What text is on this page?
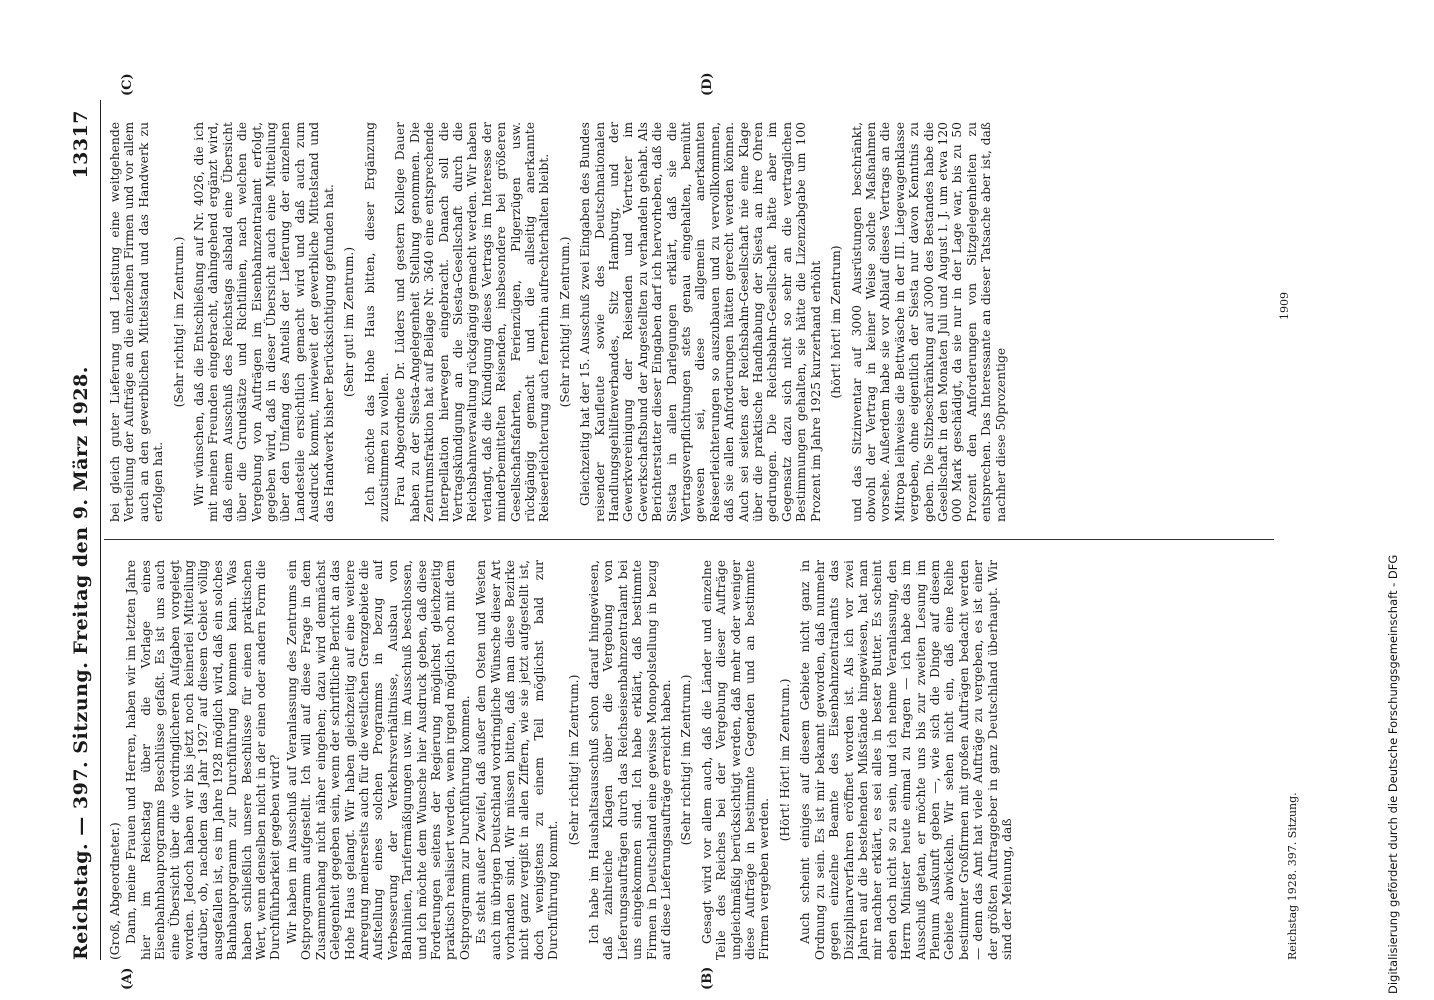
Reichstag. — 397. Sitzung. Freitag den 9. März 1928.
13317

(Groß, Abgeordneter.) Dann, meine Frauen und Herren, haben wir im letzten Jahre hier im Reichstag über die Vorlage eines Eisenbahnbauprogramms Beschlüsse gefaßt. Es ist uns auch eine Übersicht über die vordringlicheren Aufgaben vorgelegt worden. Jedoch haben wir bis jetzt noch keinerlei Mitteilung darüber, ob, nachdem das Jahr 1927 auf diesem Gebiet völlig ausgefallen ist, es im Jahre 1928 möglich wird, daß ein solches Bahnbauprogramm zur Durchführung kommen kann. Was haben schließlich unsere Beschlüsse für einen praktischen Wert, wenn denselben nicht in der einen oder andern Form die Durchführbarkeit gegeben wird? Wir haben im Ausschuß auf Veranlassung des Zentrums ein Ostprogramm aufgestellt. Ich will auf diese Frage in dem Zusammenhang nicht näher eingehen; dazu wird demnächst Gelegenheit gegeben sein, wenn der schriftliche Bericht an das Hohe Haus gelangt. Wir haben gleichzeitig auf eine weitere Anregung meinerseits auch für die westlichen Grenzgebiete die Aufstellung eines solchen Programms in bezug auf Verbesserung der Verkehrsverhältnisse, Ausbau von Bahnlinien, Tarifermäßigungen usw. im Ausschuß beschlossen, und ich möchte dem Wunsche hier Ausdruck geben, daß diese Forderungen seitens der Regierung möglichst gleichzeitig praktisch realisiert werden, wenn irgend möglich noch mit dem Ostprogramm zur Durchführung kommen. Es steht außer Zweifel, daß außer dem Osten und Westen auch im übrigen Deutschland vordringliche Wünsche dieser Art vorhanden sind. Wir müssen bitten, daß man diese Bezirke nicht ganz vergißt in allen Ziffern, wie sie jetzt aufgestellt ist, doch wenigstens zu einem Teil möglichst bald zur Durchführung kommt.

(Sehr richtig! im Zentrum.) Ich habe im Haushaltsausschuß schon darauf hingewiesen, daß zahlreiche Klagen über die Vergebung von Lieferungsaufträgen durch das Reichseisenbahnzentralamt bei uns eingekommen sind. Ich habe erklärt, daß bestimmte Firmen in Deutschland eine gewisse Monopolstellung in bezug auf diese Lieferungsaufträge erreicht haben. (Sehr richtig! im Zentrum.) Gesagt wird vor allem auch, daß die Länder und einzelne Teile des Reiches bei der Vergebung dieser Aufträge ungleichmäßig berücksichtigt werden, daß mehr oder weniger diese Aufträge in bestimmte Gegenden und an bestimmte Firmen vergeben werden.

(Hört! Hört! im Zentrum.) Auch scheint einiges auf diesem Gebiete nicht ganz in Ordnung zu sein. Es ist mir bekannt geworden, daß nunmehr gegen einzelne Beamte des Eisenbahnzentralamts das Disziplinarverfahren eröffnet worden ist. Als ich vor zwei Jahren auf die bestehenden Mißstände hingewiesen, hat man mir nachher erklärt, es sei alles in bester Butter. Es scheint eben doch nicht so zu sein, und ich nehme Veranlassung, den Herrn Minister heute einmal zu fragen — ich habe das im Ausschuß getan, er möchte uns bis zur zweiten Lesung im Plenum Auskunft geben —, wie sich die Dinge auf diesem Gebiete abwickeln. Wir sehen nicht ein, daß eine Reihe bestimmter Großfirmen mit großen Aufträgen bedacht werden — denn das Amt hat viele Aufträge zu vergeben, es ist einer der größten Auftraggeber in ganz Deutschland überhaupt. Wir sind der Meinung, daß

bei gleich guter Lieferung und Leistung eine weitgehende Verteilung der Aufträge an die einzelnen Firmen und vor allem auch an den gewerblichen Mittelstand und das Handwerk zu erfolgen hat.

(Sehr richtig! im Zentrum.) Wir wünschen, daß die Entschließung auf Nr. 4026, die ich mit meinen Freunden eingebracht, dahingehend ergänzt wird, daß einem Ausschuß des Reichstags alsbald eine Übersicht über die Grundsätze und Richtlinien, nach welchen die Vergebung von Aufträgen im Eisenbahnzentralamt erfolgt, gegeben wird, daß in dieser Übersicht auch eine Mitteilung über den Umfang des Anteils der Lieferung der einzelnen Landesteile ersichtlich gemacht wird und daß auch zum Ausdruck kommt, inwieweit der gewerbliche Mittelstand und das Handwerk bisher Berücksichtigung gefunden hat. (Sehr gut! im Zentrum.) Ich möchte das Hohe Haus bitten, dieser Ergänzung zuzustimmen zu wollen. Frau Abgeordnete Dr. Lüders und gestern Kollege Dauer haben zu der Siesta-Angelegenheit Stellung genommen. Die Zentrumsfraktion hat auf Beilage Nr. 3640 eine entsprechende Interpellation hierwegen eingebracht. Danach soll die Vertragskündigung an die Siesta-Gesellschaft durch die Reichsbahnverwaltung rückgängig gemacht werden. Wir haben verlangt, daß die Kündigung dieses Vertrags im Interesse der minderbemittelten Reisenden, insbesondere bei größeren Gesellschaftsfahrten, Ferienzügen, Pilgerzügen usw. rückgängig gemacht und die allseitig anerkannte Reiseerleichterung auch fernerhin aufrechterhalten bleibt. (Sehr richtig! im Zentrum.) Gleichzeitig hat der 15. Ausschuß zwei Eingaben des Bundes reisender Kaufleute sowie des Deutschnationalen Handlungsgehilfenverbandes, Sitz Hamburg, und der Gewerkvereinigung der Reisenden und Vertreter im Gewerkschaftsbund der Angestellten zu verhandeln gehabt. Als Berichterstatter dieser Eingaben darf ich hervorheben, daß die Siesta in allen Darlegungen erklärt, daß sie die Vertragsverpflichtungen stets genau eingehalten, bemüht gewesen sei, diese allgemein anerkannten Reiseerleichterungen so auszubauen und zu vervollkommnen, daß sie allen Anforderungen hätten gerecht werden können. Auch sei seitens der Reichsbahn-Gesellschaft nie eine Klage über die praktische Handhabung der Siesta an ihre Ohren gedrungen. Die Reichsbahn-Gesellschaft hätte aber im Gegensatz dazu sich nicht so sehr an die vertraglichen Bestimmungen gehalten, sie hätte die Lizenzabgabe um 100 Prozent im Jahre 1925 kurzerhand erhöht (hört! hört! im Zentrum) und das Sitzinventar auf 3000 Ausrüstungen beschränkt, obwohl der Vertrag in keiner Weise solche Maßnahmen vorsehe. Außerdem habe sie vor Ablauf dieses Vertrags an die Mitropa leihweise die Bettwäsche in der III. Liegewagenklasse vergeben, ohne eigentlich der Siesta nur davon Kenntnis zu geben. Die Sitzbeschränkung auf 3000 des Bestandes habe die Gesellschaft in den Monaten Juli und August l. J. um etwa 120 000 Mark geschädigt, da sie nur in der Lage war, bis zu 50 Prozent den Anforderungen von Sitzgelegenheiten zu entsprechen. Das Interessante an dieser Tatsache aber ist, daß nachher diese 50prozentige

(A)	(B)
(C)	(D)
Reichstag 1928. 397. Sitzung.
1909
Digitalisierung gefördert durch die Deutsche Forschungsgemeinschaft - DFG
